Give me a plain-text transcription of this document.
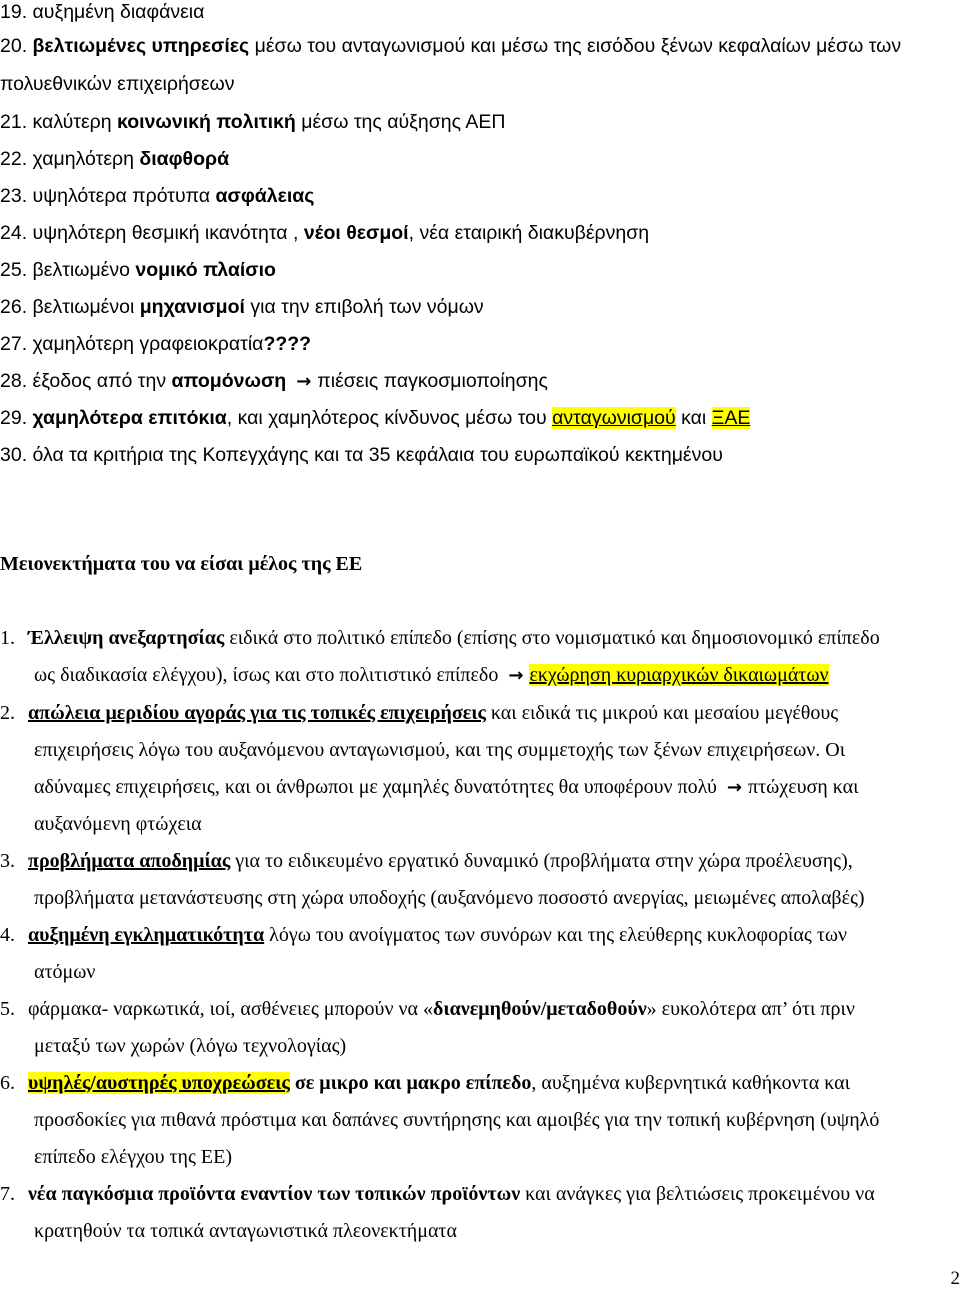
19. αυξημένη διαφάνεια

20. βελτιωμένες υπηρεσίες μέσω του ανταγωνισμού και μέσω της εισόδου ξένων κεφαλαίων μέσω των

πολυεθνικών επιχειρήσεων

21. καλύτερη κοινωνική πολιτική μέσω της αύξησης ΑΕΠ

22. χαμηλότερη διαφθορά

23. υψηλότερα πρότυπα ασφάλειας

24. υψηλότερη θεσμική ικανότητα , νέοι θεσμοί, νέα εταιρική διακυβέρνηση

25. βελτιωμένο νομικό πλαίσιο

26. βελτιωμένοι μηχανισμοί για την επιβολή των νόμων

27. χαμηλότερη γραφειοκρατία????

28. έξοδος από την απομόνωση → πιέσεις παγκοσμιοποίησης

29. χαμηλότερα επιτόκια, και χαμηλότερος κίνδυνος μέσω του ανταγωνισμού και ΞΑΕ

30. όλα τα κριτήρια της Κοπεγχάγης και τα 35 κεφάλαια του ευρωπαϊκού κεκτημένου

Μειονεκτήματα του να είσαι μέλος της ΕΕ

1. Έλλειψη ανεξαρτησίας ειδικά στο πολιτικό επίπεδο (επίσης στο νομισματικό και δημοσιονομικό επίπεδο

ως διαδικασία ελέγχου), ίσως και στο πολιτιστικό επίπεδο → εκχώρηση κυριαρχικών δικαιωμάτων

2. απώλεια μεριδίου αγοράς για τις τοπικές επιχειρήσεις και ειδικά τις μικρού και μεσαίου μεγέθους

επιχειρήσεις λόγω του αυξανόμενου ανταγωνισμού, και της συμμετοχής των ξένων επιχειρήσεων. Οι

αδύναμες επιχειρήσεις, και οι άνθρωποι με χαμηλές δυνατότητες θα υποφέρουν πολύ → πτώχευση και

αυξανόμενη φτώχεια

3. προβλήματα αποδημίας για το ειδικευμένο εργατικό δυναμικό (προβλήματα στην χώρα προέλευσης),

προβλήματα μετανάστευσης στη χώρα υποδοχής (αυξανόμενο ποσοστό ανεργίας, μειωμένες απολαβές)

4. αυξημένη εγκληματικότητα λόγω του ανοίγματος των συνόρων και της ελεύθερης κυκλοφορίας των

ατόμων

5. φάρμακα- ναρκωτικά, ιοί, ασθένειες μπορούν να «διανεμηθούν/μεταδοθούν» ευκολότερα απ’ ότι πριν

μεταξύ των χωρών (λόγω τεχνολογίας)

6. υψηλές/αυστηρές υποχρεώσεις σε μικρο και μακρο επίπεδο, αυξημένα κυβερνητικά καθήκοντα και

προσδοκίες για πιθανά πρόστιμα και δαπάνες συντήρησης και αμοιβές για την τοπική κυβέρνηση (υψηλό

επίπεδο ελέγχου της ΕΕ)

7. νέα παγκόσμια προϊόντα εναντίον των τοπικών προϊόντων και ανάγκες για βελτιώσεις προκειμένου να

κρατηθούν τα τοπικά ανταγωνιστικά πλεονεκτήματα

2
